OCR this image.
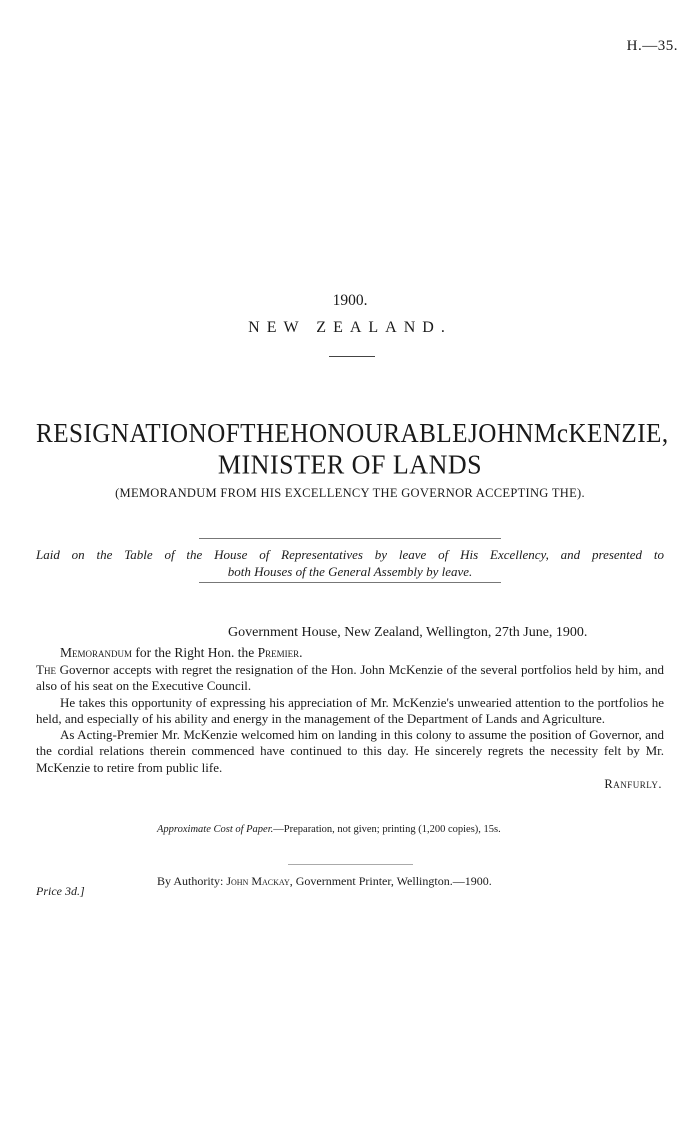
H.—35.
1900.
NEW ZEALAND.
RESIGNATION OF THE HONOURABLE JOHN McKENZIE,
MINISTER OF LANDS
(MEMORANDUM FROM HIS EXCELLENCY THE GOVERNOR ACCEPTING THE).
Laid on the Table of the House of Representatives by leave of His Excellency, and presented to
both Houses of the General Assembly by leave.
Government House, New Zealand, Wellington, 27th June, 1900.
Memorandum for the Right Hon. the Premier.

The Governor accepts with regret the resignation of the Hon. John McKenzie of the several portfolios held by him, and also of his seat on the Executive Council.

He takes this opportunity of expressing his appreciation of Mr. McKenzie's unwearied attention to the portfolios he held, and especially of his ability and energy in the management of the Department of Lands and Agriculture.

As Acting-Premier Mr. McKenzie welcomed him on landing in this colony to assume the position of Governor, and the cordial relations therein commenced have continued to this day. He sincerely regrets the necessity felt by Mr. McKenzie to retire from public life.

Ranfurly.
Approximate Cost of Paper.—Preparation, not given; printing (1,200 copies), 15s.
By Authority: John Mackay, Government Printer, Wellington.—1900.
Price 3d.]
